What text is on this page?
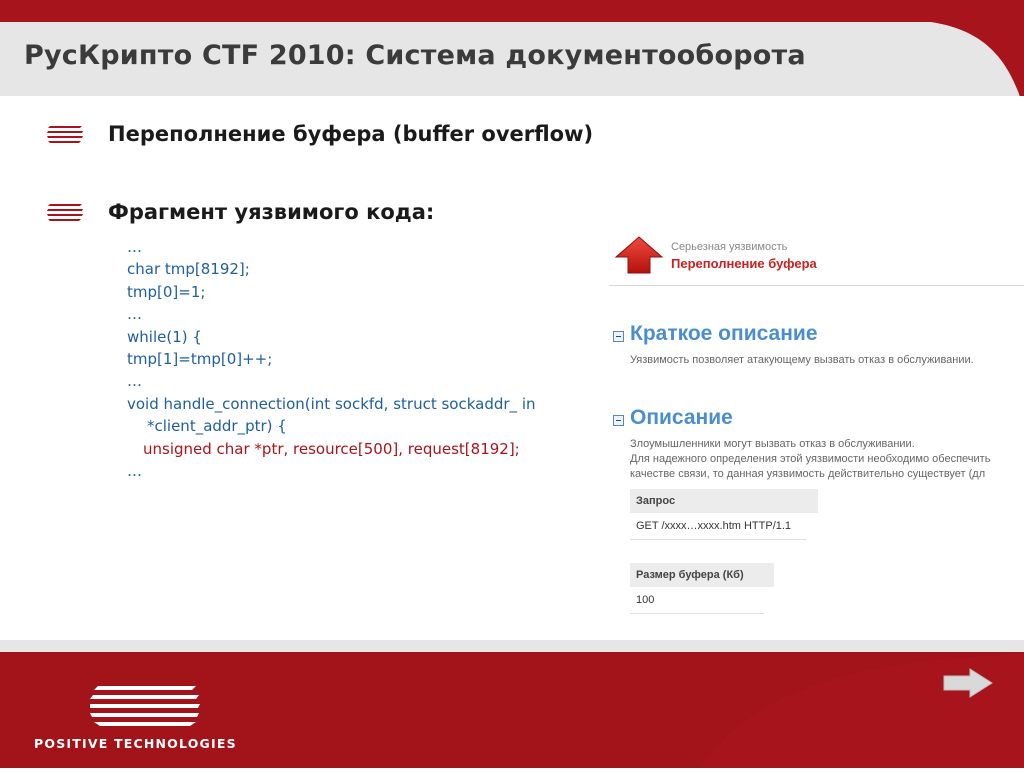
РусКрипто CTF 2010: Система документооборота
Переполнение буфера (buffer overflow)
Фрагмент уязвимого кода:
…
char tmp[8192];
tmp[0]=1;
…
while(1) {
tmp[1]=tmp[0]++;
…
void handle_connection(int sockfd, struct sockaddr_ in *client_addr_ptr) {
unsigned char *ptr, resource[500], request[8192];
…
Серьезная уязвимость
Переполнение буфера
Краткое описание
Уязвимость позволяет атакующему вызвать отказ в обслуживании.
Описание
Злоумышленники могут вызвать отказ в обслуживании.
Для надежного определения этой уязвимости необходимо обеспечить
качестве связи, то данная уязвимость действительно существует (дл
Запрос
GET /xxxx…xxxx.htm HTTP/1.1
Размер буфера (Кб)
100
POSITIVE TECHNOLOGIES
